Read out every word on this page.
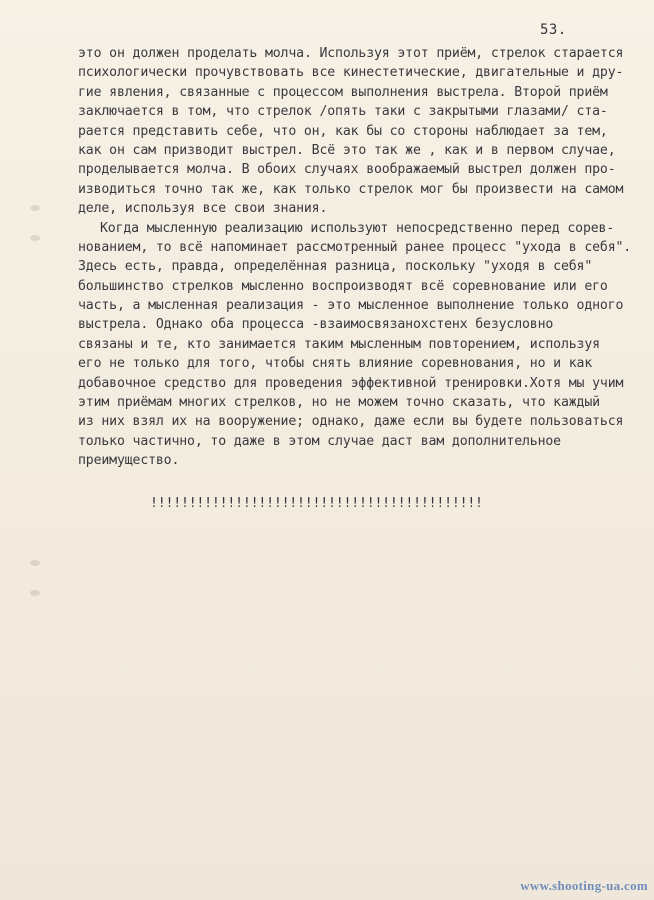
53.
это он должен проделать молча. Используя этот приём, стрелок старается
психологически прочувствовать все кинестетические, двигательные и дру-
гие явления, связанные с процессом выполнения выстрела. Второй приём
заключается в том, что стрелок /опять таки с закрытыми глазами/ ста-
рается представить себе, что он, как бы со стороны наблюдает за тем,
как он сам призводит выстрел. Всё это так же , как и в первом случае,
проделывается молча. В обоих случаях воображаемый выстрел должен про-
изводиться точно так же, как только стрелок мог бы произвести на самом
деле, используя все свои знания.
Когда мысленную реализацию используют непосредственно перед сорев-
нованием, то всё напоминает рассмотренный ранее процесс "ухода в себя".
Здесь есть, правда, определённая разница, поскольку "уходя в себя"
большинство стрелков мысленно воспроизводят всё соревнование или его
часть, а мысленная реализация - это мысленное выполнение только одного
выстрела. Однако оба процесса -взаимосвязанохстенх безусловно
связаны и те, кто занимается таким мысленным повторением, используя
его не только для того, чтобы снять влияние соревнования, но и как
добавочное средство для проведения эффективной тренировки.Хотя мы учим
этим приёмам многих стрелков, но не можем точно сказать, что каждый
из них взял их на вооружение; однако, даже если вы будете пользоваться
только частично, то даже в этом случае даст вам дополнительное
преимущество.
!!!!!!!!!!!!!!!!!!!!!!!!!!!!!!!!!!!!!!!!!!!
www.shooting-ua.com
